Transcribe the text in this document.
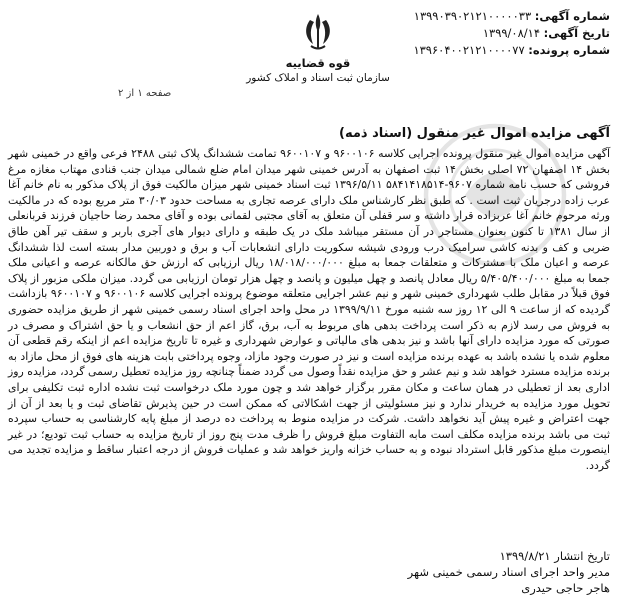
شماره آگهی: ۱۳۹۹۰۳۹۰۲۱۲۱۰۰۰۰۰۳۳
تاریخ آگهی: ۱۳۹۹/۰۸/۱۴
شماره پرونده: ۱۳۹۶۰۴۰۰۲۱۲۱۰۰۰۰۷۷
قوه قضاییه
سازمان ثبت اسناد و املاک کشور
صفحه ۱ از ۲
آگهی مزایده اموال غیر منقول (اسناد ذمه)

آگهی مزایده اموال غیر منقول پرونده اجرایی کلاسه ۹۶۰۰۱۰۶ و ۹۶۰۰۱۰۷ تمامت ششدانگ پلاک ثبتی ۲۴۸۸ فرعی واقع در خمینی شهر بخش ۱۴ اصفهان ۷۲ اصلی بخش ۱۴ ثبت اصفهان به آدرس خمینی شهر میدان امام ضلع شمالی میدان جنب قنادی مهتاب مغازه مرغ فروشی که حسب نامه شماره ۹۶۰۷-۵۸۴۱۴۱۸۵۱۴ ۱۳۹۶/۵/۱۱ ثبت اسناد خمینی شهر میزان مالکیت فوق از پلاک مذکور به نام خانم آغا عرب زاده درجریان ثبت است . که طبق نظر کارشناس ملک دارای عرصه تجاری به مساحت حدود ۳۰/۰۳ متر مربع بوده که در مالکیت ورثه مرحوم خانم آغا عربزاده قرار داشته و سر قفلی آن متعلق به آقای مجتبی لقمانی بوده و آقای محمد رضا حاجیان فرزند قربانعلی از سال ۱۳۸۱ تا کنون بعنوان مستاجر در آن مستقر میباشد ملک در یک طبقه و دارای دیوار های آجری باربر و سقف تیر آهن طاق ضربی و کف و بدنه کاشی سرامیک درب ورودی شیشه سکوریت دارای انشعابات آب و برق و دوربین مدار بسته است لذا ششدانگ عرصه و اعیان ملک با مشترکات و متعلقات جمعا به مبلغ ۱۸/۰۱۸/۰۰۰/۰۰۰ ریال ارزیابی که ارزش حق مالکانه عرصه و اعیانی ملک جمعا به مبلغ ۵/۴۰۵/۴۰۰/۰۰۰ ریال معادل پانصد و چهل میلیون و پانصد و چهل هزار تومان ارزیابی می گردد. میزان ملکی مزبور از پلاک فوق قبلاً در مقابل طلب شهرداری خمینی شهر و نیم عشر اجرایی متعلقه موضوع پرونده اجرایی کلاسه ۹۶۰۰۱۰۶ و ۹۶۰۰۱۰۷ بازداشت گردیده که از ساعت ۹ الی ۱۲ روز سه شنبه مورخ ۱۳۹۹/۹/۱۱ در محل واحد اجرای اسناد رسمی خمینی شهر از طریق مزایده حضوری به فروش می رسد لازم به ذکر است پرداخت بدهی های مربوط به آب، برق، گاز اعم از حق انشعاب و یا حق اشتراک و مصرف در صورتی که مورد مزایده دارای آنها باشد و نیز بدهی های مالیاتی و عوارض شهرداری و غیره تا تاریخ مزایده اعم از اینکه رقم قطعی آن معلوم شده یا نشده باشد به عهده برنده مزایده است و نیز در صورت وجود مازاد، وجوه پرداختی بابت هزینه های فوق از محل مازاد به برنده مزایده مسترد خواهد شد و نیم عشر و حق مزایده نقداً وصول می گردد ضمناً چنانچه روز مزایده تعطیل رسمی گردد، مزایده روز اداری بعد از تعطیلی در همان ساعت و مکان مقرر برگزار خواهد شد و چون مورد ملک درخواست ثبت نشده اداره ثبت تکلیفی برای تحویل مورد مزایده به خریدار ندارد و نیز مسئولیتی از جهت اشکالاتی که ممکن است در حین پذیرش تقاضای ثبت و یا بعد از آن از جهت اعتراض و غیره پیش آید نخواهد داشت. شرکت در مزایده منوط به پرداخت ده درصد از مبلغ پایه کارشناسی به حساب سپرده ثبت می باشد برنده مزایده مکلف است مابه التفاوت مبلغ فروش را ظرف مدت پنج روز از تاریخ مزایده به حساب ثبت تودیع؛ در غیر اینصورت مبلغ مذکور قابل استرداد نبوده و به حساب خزانه واریز خواهد شد و عملیات فروش از درجه اعتبار ساقط و مزایده تجدید می گردد.

تاریخ انتشار ۱۳۹۹/۸/۲۱
مدیر واحد اجرای اسناد رسمی خمینی شهر
هاجر حاجی حیدری
